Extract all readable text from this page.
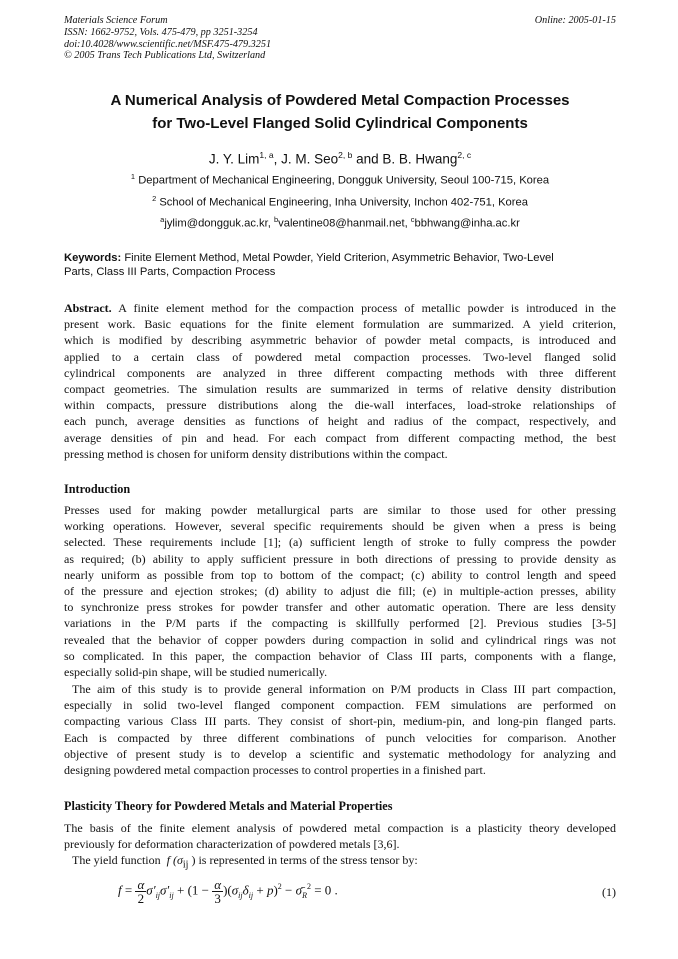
Materials Science Forum
ISSN: 1662-9752, Vols. 475-479, pp 3251-3254
doi:10.4028/www.scientific.net/MSF.475-479.3251
© 2005 Trans Tech Publications Ltd, Switzerland
Online: 2005-01-15
A Numerical Analysis of Powdered Metal Compaction Processes
for Two-Level Flanged Solid Cylindrical Components
J. Y. Lim$^{1, a}$, J. M. Seo$^{2, b}$ and B. B. Hwang$^{2, c}$
$^1$ Department of Mechanical Engineering, Dongguk University, Seoul 100-715, Korea
$^2$ School of Mechanical Engineering, Inha University, Inchon 402-751, Korea
$^a$jylim@dongguk.ac.kr, $^b$valentine08@hanmail.net, $^c$bbhwang@inha.ac.kr
Keywords: Finite Element Method, Metal Powder, Yield Criterion, Asymmetric Behavior, Two-Level
Parts, Class III Parts, Compaction Process
Abstract. A finite element method for the compaction process of metallic powder is introduced in the
present work. Basic equations for the finite element formulation are summarized. A yield criterion,
which is modified by describing asymmetric behavior of powder metal compacts, is introduced and
applied to a certain class of powdered metal compaction processes. Two-level flanged solid
cylindrical components are analyzed in three different compacting methods with three different
compact geometries. The simulation results are summarized in terms of relative density distribution
within compacts, pressure distributions along the die-wall interfaces, load-stroke relationships of
each punch, average densities as functions of height and radius of the compact, respectively, and
average densities of pin and head. For each compact from different compacting method, the best
pressing method is chosen for uniform density distributions within the compact.
Introduction
Presses used for making powder metallurgical parts are similar to those used for other pressing
working operations. However, several specific requirements should be given when a press is being
selected. These requirements include [1]; (a) sufficient length of stroke to fully compress the powder
as required; (b) ability to apply sufficient pressure in both directions of pressing to provide density as
nearly uniform as possible from top to bottom of the compact; (c) ability to control length and speed
of the pressure and ejection strokes; (d) ability to adjust die fill; (e) in multiple-action presses, ability
to synchronize press strokes for powder transfer and other automatic operation. There are less density
variations in the P/M parts if the compacting is skillfully performed [2]. Previous studies [3-5]
revealed that the behavior of copper powders during compaction in solid and cylindrical rings was not
so complicated. In this paper, the compaction behavior of Class III parts, components with a flange,
especially solid-pin shape, will be studied numerically.
The aim of this study is to provide general information on P/M products in Class III part compaction,
especially in solid two-level flanged component compaction. FEM simulations are performed on
compacting various Class III parts. They consist of short-pin, medium-pin, and long-pin flanged parts.
Each is compacted by three different combinations of punch velocities for comparison. Another
objective of present study is to develop a scientific and systematic methodology for analyzing and
designing powdered metal compaction processes to control properties in a finished part.
Plasticity Theory for Powdered Metals and Material Properties
The basis of the finite element analysis of powdered metal compaction is a plasticity theory developed
previously for deformation characterization of powdered metals [3,6].
The yield function f ($\sigma_{ij}$ ) is represented in terms of the stress tensor by:
$f = \frac{\alpha}{2} \sigma'_{ij}\sigma'_{ij} + (1 - \frac{\alpha}{3} )(\sigma_{ij}\delta_{ij} + p)^2$ − $\sigmā_R^2 = 0$ .	(1)
